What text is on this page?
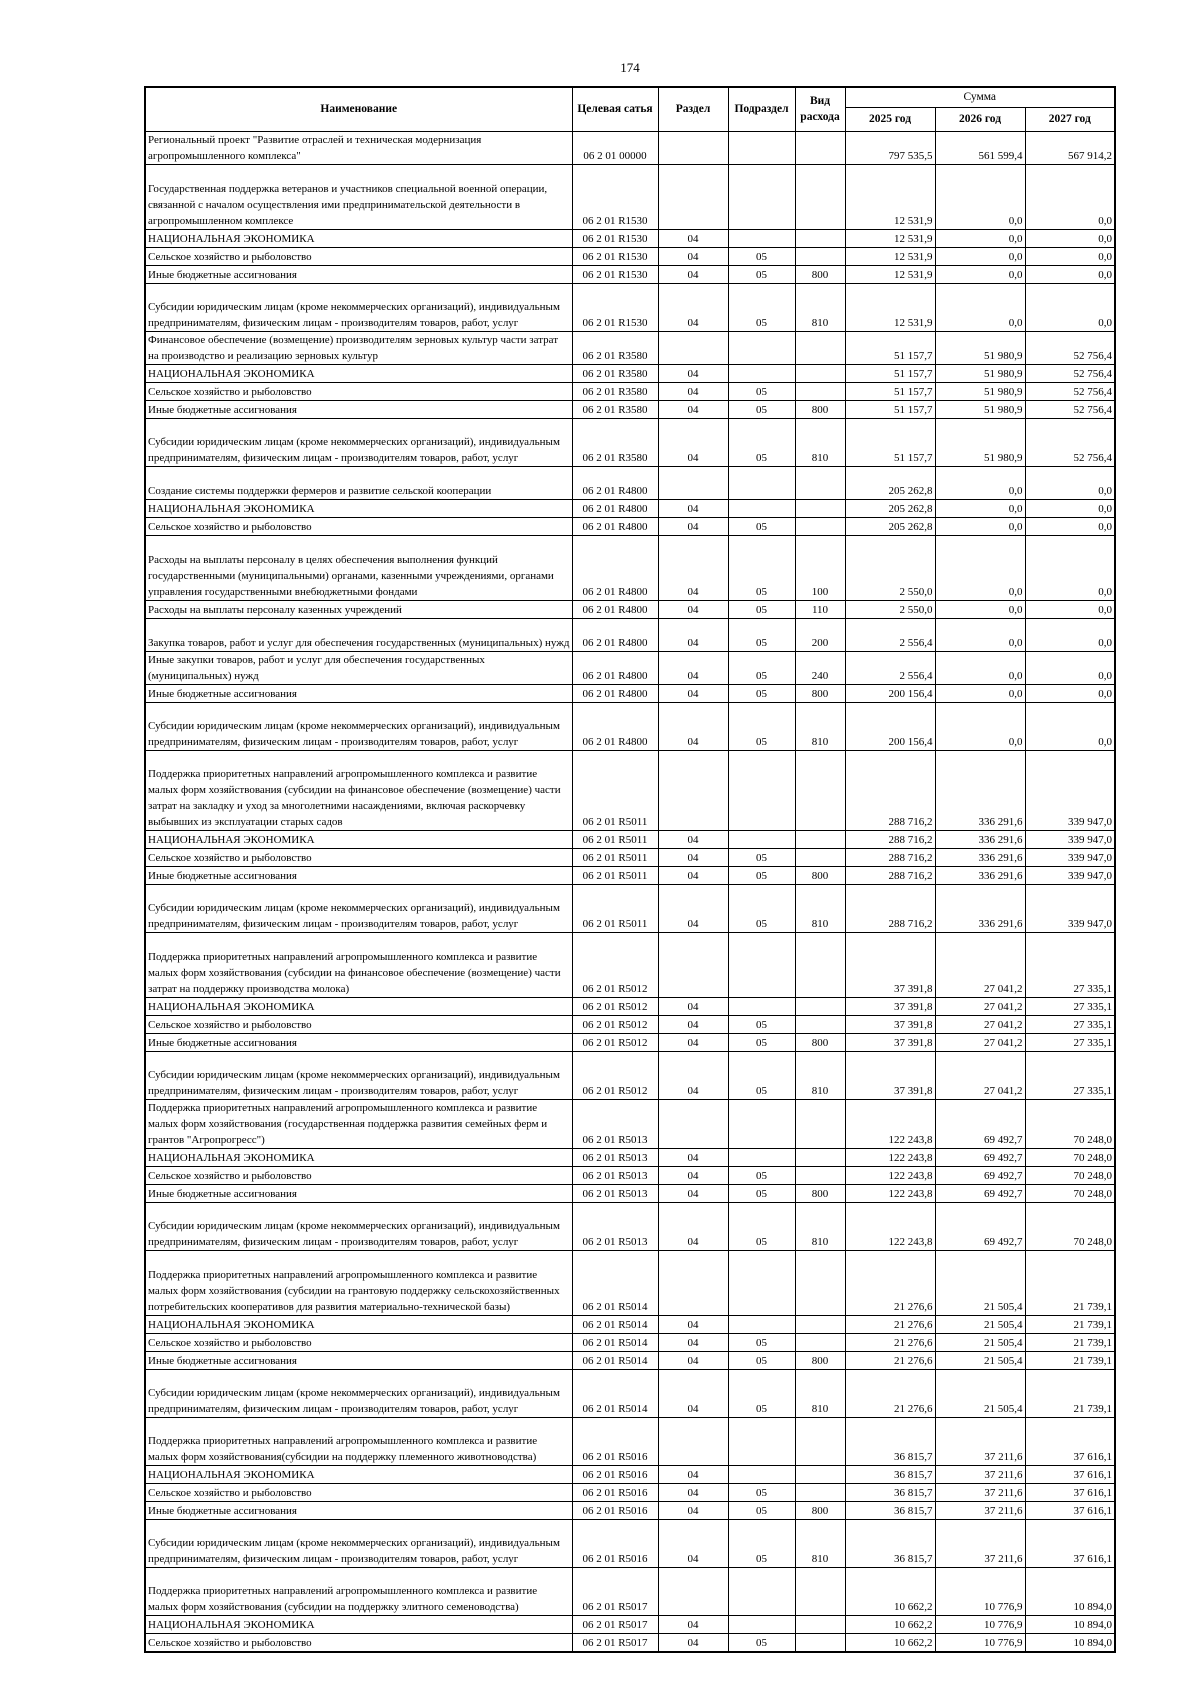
174
Наименование	Целевая сатья	Раздел	Подраздел	Вид расхода	Сумма		
					2025 год	2026 год	2027 год
Региональный проект "Развитие отраслей и техническая модернизация агропромышленного комплекса"	06 2 01 00000				797 535,5	561 599,4	567 914,2
Государственная поддержка ветеранов и участников специальной военной операции, связанной с началом осуществления ими предпринимательской деятельности в агропромышленном комплексе	06 2 01 R1530				12 531,9	0,0	0,0
НАЦИОНАЛЬНАЯ ЭКОНОМИКА	06 2 01 R1530	04			12 531,9	0,0	0,0
Сельское хозяйство и рыболовство	06 2 01 R1530	04	05		12 531,9	0,0	0,0
Иные бюджетные ассигнования	06 2 01 R1530	04	05	800	12 531,9	0,0	0,0
Субсидии юридическим лицам (кроме некоммерческих организаций), индивидуальным предпринимателям, физическим лицам - производителям товаров, работ, услуг	06 2 01 R1530	04	05	810	12 531,9	0,0	0,0
Финансовое обеспечение (возмещение) производителям зерновых культур части затрат на производство и реализацию зерновых культур	06 2 01 R3580				51 157,7	51 980,9	52 756,4
НАЦИОНАЛЬНАЯ ЭКОНОМИКА	06 2 01 R3580	04			51 157,7	51 980,9	52 756,4
Сельское хозяйство и рыболовство	06 2 01 R3580	04	05		51 157,7	51 980,9	52 756,4
Иные бюджетные ассигнования	06 2 01 R3580	04	05	800	51 157,7	51 980,9	52 756,4
Субсидии юридическим лицам (кроме некоммерческих организаций), индивидуальным предпринимателям, физическим лицам - производителям товаров, работ, услуг	06 2 01 R3580	04	05	810	51 157,7	51 980,9	52 756,4
Создание системы поддержки фермеров и развитие сельской кооперации	06 2 01 R4800				205 262,8	0,0	0,0
НАЦИОНАЛЬНАЯ ЭКОНОМИКА	06 2 01 R4800	04			205 262,8	0,0	0,0
Сельское хозяйство и рыболовство	06 2 01 R4800	04	05		205 262,8	0,0	0,0
Расходы на выплаты персоналу в целях обеспечения выполнения функций государственными (муниципальными) органами, казенными учреждениями, органами управления государственными внебюджетными фондами	06 2 01 R4800	04	05	100	2 550,0	0,0	0,0
Расходы на выплаты персоналу казенных учреждений	06 2 01 R4800	04	05	110	2 550,0	0,0	0,0
Закупка товаров, работ и услуг для обеспечения государственных (муниципальных) нужд	06 2 01 R4800	04	05	200	2 556,4	0,0	0,0
Иные закупки товаров, работ и услуг для обеспечения государственных (муниципальных) нужд	06 2 01 R4800	04	05	240	2 556,4	0,0	0,0
Иные бюджетные ассигнования	06 2 01 R4800	04	05	800	200 156,4	0,0	0,0
Субсидии юридическим лицам (кроме некоммерческих организаций), индивидуальным предпринимателям, физическим лицам - производителям товаров, работ, услуг	06 2 01 R4800	04	05	810	200 156,4	0,0	0,0
Поддержка приоритетных направлений агропромышленного комплекса и развитие малых форм хозяйствования (субсидии на финансовое обеспечение (возмещение) части затрат на закладку и уход за многолетними насаждениями, включая раскорчевку выбывших из эксплуатации старых садов	06 2 01 R5011				288 716,2	336 291,6	339 947,0
НАЦИОНАЛЬНАЯ ЭКОНОМИКА	06 2 01 R5011	04			288 716,2	336 291,6	339 947,0
Сельское хозяйство и рыболовство	06 2 01 R5011	04	05		288 716,2	336 291,6	339 947,0
Иные бюджетные ассигнования	06 2 01 R5011	04	05	800	288 716,2	336 291,6	339 947,0
Субсидии юридическим лицам (кроме некоммерческих организаций), индивидуальным предпринимателям, физическим лицам - производителям товаров, работ, услуг	06 2 01 R5011	04	05	810	288 716,2	336 291,6	339 947,0
Поддержка приоритетных направлений агропромышленного комплекса и развитие малых форм хозяйствования (субсидии на финансовое обеспечение (возмещение) части затрат на поддержку производства молока)	06 2 01 R5012				37 391,8	27 041,2	27 335,1
НАЦИОНАЛЬНАЯ ЭКОНОМИКА	06 2 01 R5012	04			37 391,8	27 041,2	27 335,1
Сельское хозяйство и рыболовство	06 2 01 R5012	04	05		37 391,8	27 041,2	27 335,1
Иные бюджетные ассигнования	06 2 01 R5012	04	05	800	37 391,8	27 041,2	27 335,1
Субсидии юридическим лицам (кроме некоммерческих организаций), индивидуальным предпринимателям, физическим лицам - производителям товаров, работ, услуг	06 2 01 R5012	04	05	810	37 391,8	27 041,2	27 335,1
Поддержка приоритетных направлений агропромышленного комплекса и развитие малых форм хозяйствования (государственная поддержка развития семейных ферм и грантов "Агропрогресс")	06 2 01 R5013				122 243,8	69 492,7	70 248,0
НАЦИОНАЛЬНАЯ ЭКОНОМИКА	06 2 01 R5013	04			122 243,8	69 492,7	70 248,0
Сельское хозяйство и рыболовство	06 2 01 R5013	04	05		122 243,8	69 492,7	70 248,0
Иные бюджетные ассигнования	06 2 01 R5013	04	05	800	122 243,8	69 492,7	70 248,0
Субсидии юридическим лицам (кроме некоммерческих организаций), индивидуальным предпринимателям, физическим лицам - производителям товаров, работ, услуг	06 2 01 R5013	04	05	810	122 243,8	69 492,7	70 248,0
Поддержка приоритетных направлений агропромышленного комплекса и развитие малых форм хозяйствования (субсидии на грантовую поддержку сельскохозяйственных потребительских кооперативов для развития материально-технической базы)	06 2 01 R5014				21 276,6	21 505,4	21 739,1
НАЦИОНАЛЬНАЯ ЭКОНОМИКА	06 2 01 R5014	04			21 276,6	21 505,4	21 739,1
Сельское хозяйство и рыболовство	06 2 01 R5014	04	05		21 276,6	21 505,4	21 739,1
Иные бюджетные ассигнования	06 2 01 R5014	04	05	800	21 276,6	21 505,4	21 739,1
Субсидии юридическим лицам (кроме некоммерческих организаций), индивидуальным предпринимателям, физическим лицам - производителям товаров, работ, услуг	06 2 01 R5014	04	05	810	21 276,6	21 505,4	21 739,1
Поддержка приоритетных направлений агропромышленного комплекса и развитие малых форм хозяйствования(субсидии на поддержку племенного животноводства)	06 2 01 R5016				36 815,7	37 211,6	37 616,1
НАЦИОНАЛЬНАЯ ЭКОНОМИКА	06 2 01 R5016	04			36 815,7	37 211,6	37 616,1
Сельское хозяйство и рыболовство	06 2 01 R5016	04	05		36 815,7	37 211,6	37 616,1
Иные бюджетные ассигнования	06 2 01 R5016	04	05	800	36 815,7	37 211,6	37 616,1
Субсидии юридическим лицам (кроме некоммерческих организаций), индивидуальным предпринимателям, физическим лицам - производителям товаров, работ, услуг	06 2 01 R5016	04	05	810	36 815,7	37 211,6	37 616,1
Поддержка приоритетных направлений агропромышленного комплекса и развитие малых форм хозяйствования (субсидии на поддержку элитного семеноводства)	06 2 01 R5017				10 662,2	10 776,9	10 894,0
НАЦИОНАЛЬНАЯ ЭКОНОМИКА	06 2 01 R5017	04			10 662,2	10 776,9	10 894,0
Сельское хозяйство и рыболовство	06 2 01 R5017	04	05		10 662,2	10 776,9	10 894,0
